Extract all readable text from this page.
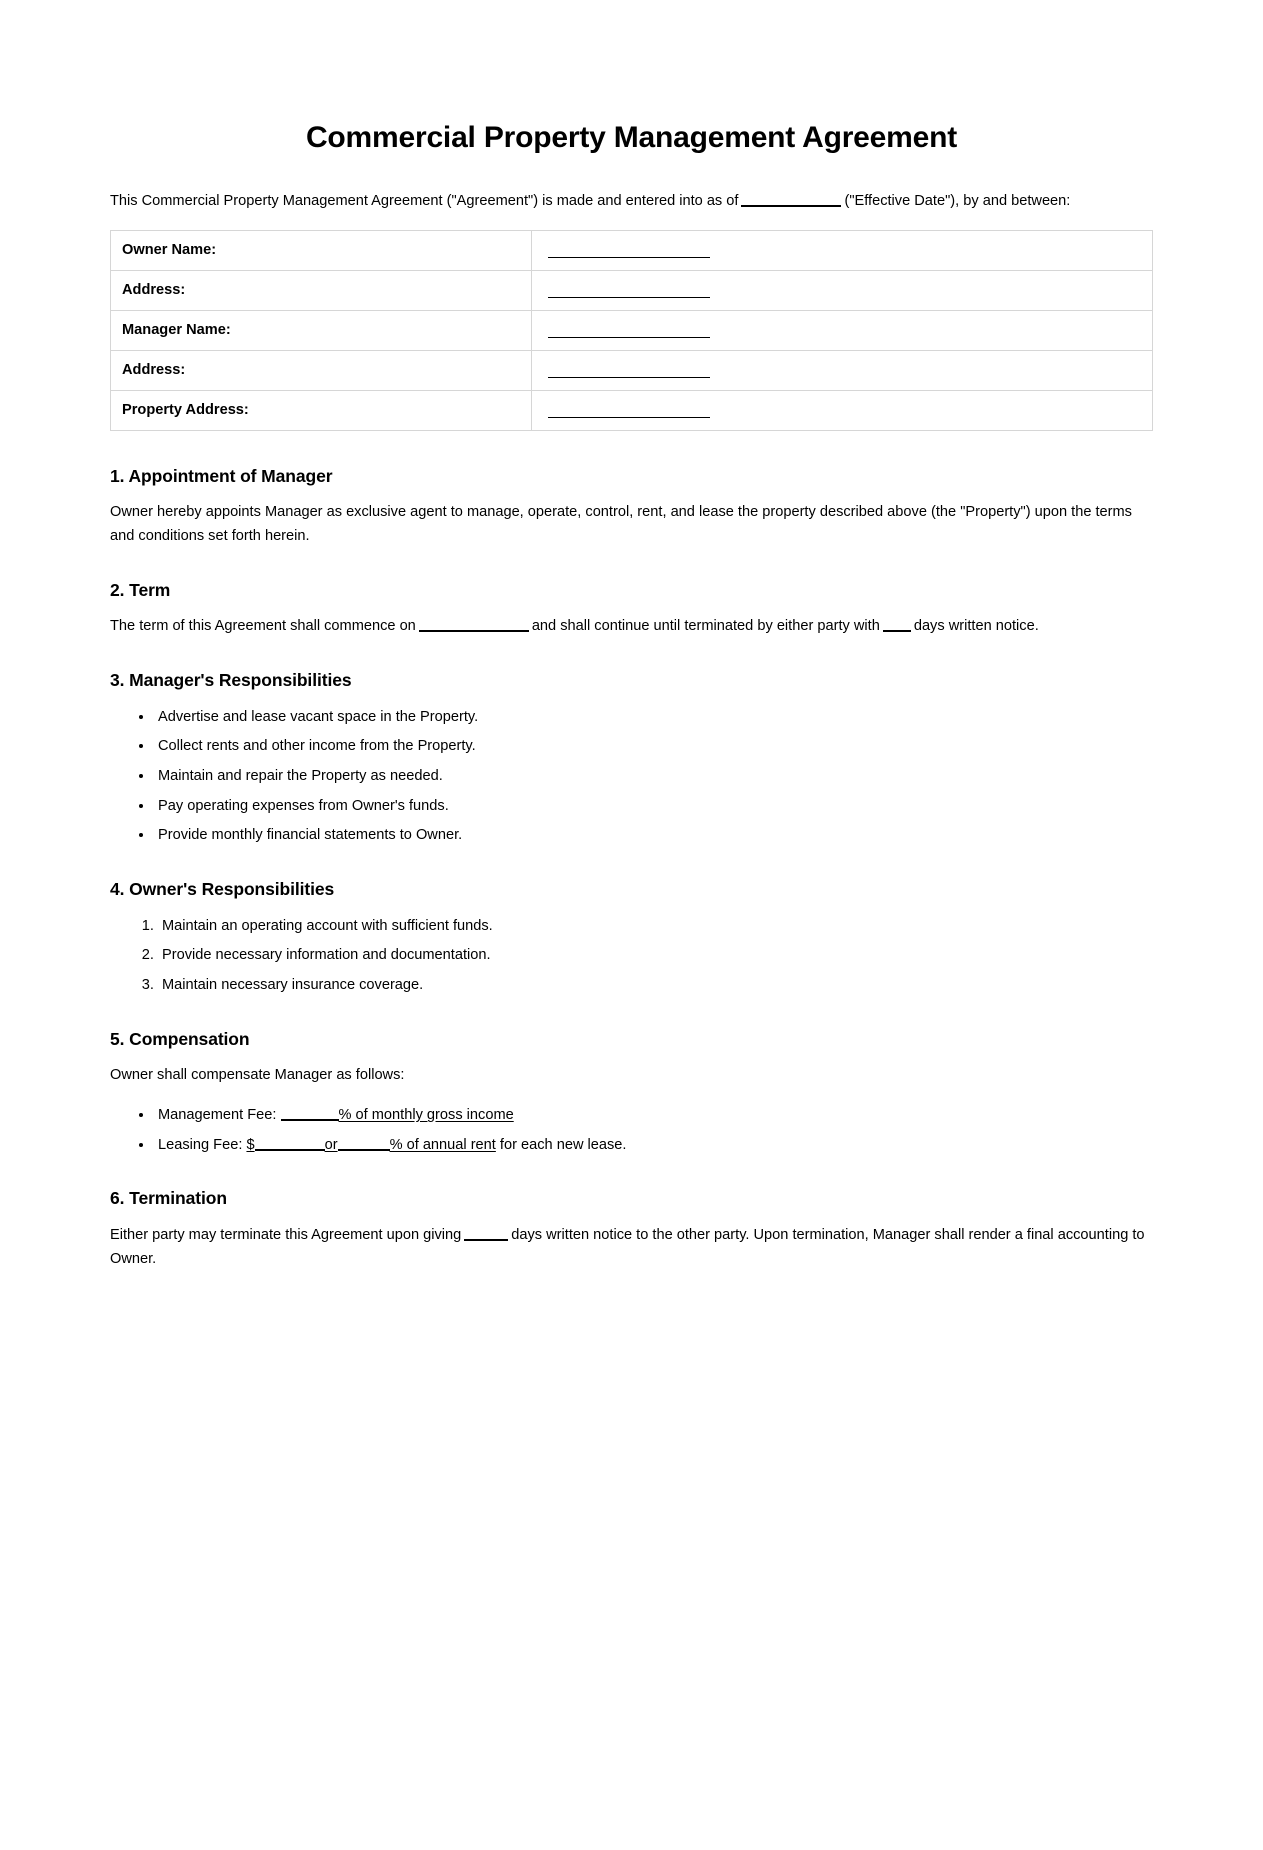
Commercial Property Management Agreement

This Commercial Property Management Agreement ("Agreement") is made and entered into as of	("Effective Date"), by and between:

Owner Name:	
Address:	
Manager Name:	
Address:	
Property Address:	
1. Appointment of Manager

Owner hereby appoints Manager as exclusive agent to manage, operate, control, rent, and lease the property described above (the "Property") upon the terms and conditions set forth herein.

2. Term

The term of this Agreement shall commence on	and shall continue until terminated by either party with days written notice.

3. Manager's Responsibilities
• Advertise and lease vacant space in the Property.
• Collect rents and other income from the Property.
• Maintain and repair the Property as needed.
• Pay operating expenses from Owner's funds.
• Provide monthly financial statements to Owner.
4. Owner's Responsibilities
1. Maintain an operating account with sufficient funds.
2. Provide necessary information and documentation.
3. Maintain necessary insurance coverage.
5. Compensation

Owner shall compensate Manager as follows:

• Management Fee:	% of monthly gross income
• Leasing Fee: $	or	% of annual rent for each new lease.
6. Termination

Either party may terminate this Agreement upon giving	days written notice to the other party. Upon termination, Manager shall render a final accounting to Owner.
